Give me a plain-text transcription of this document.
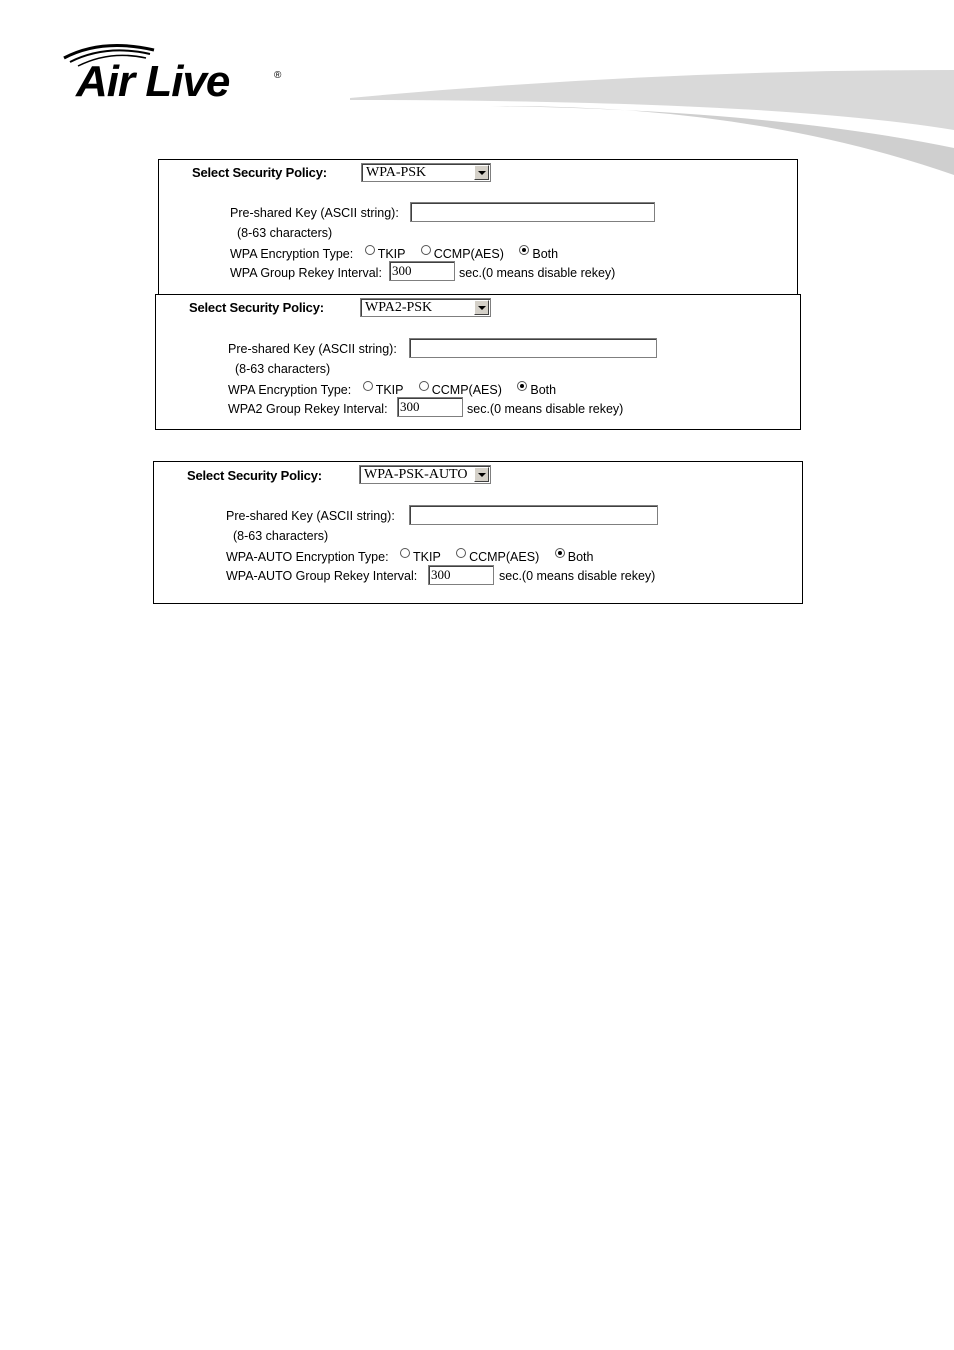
Air Live	®
Select Security Policy:	WPA-PSK
Pre-shared Key (ASCII string):
(8-63 characters)
WPA Encryption Type: TKIP CCMP(AES) Both
WPA Group Rekey Interval: 300	sec.(0 means disable rekey)
Select Security Policy:	WPA2-PSK
Pre-shared Key (ASCII string):
(8-63 characters)
WPA Encryption Type: TKIP CCMP(AES) Both
WPA2 Group Rekey Interval: 300	sec.(0 means disable rekey)
Select Security Policy:	WPA-PSK-AUTO
Pre-shared Key (ASCII string):
(8-63 characters)
WPA-AUTO Encryption Type: TKIP CCMP(AES) Both
WPA-AUTO Group Rekey Interval: 300	sec.(0 means disable rekey)
